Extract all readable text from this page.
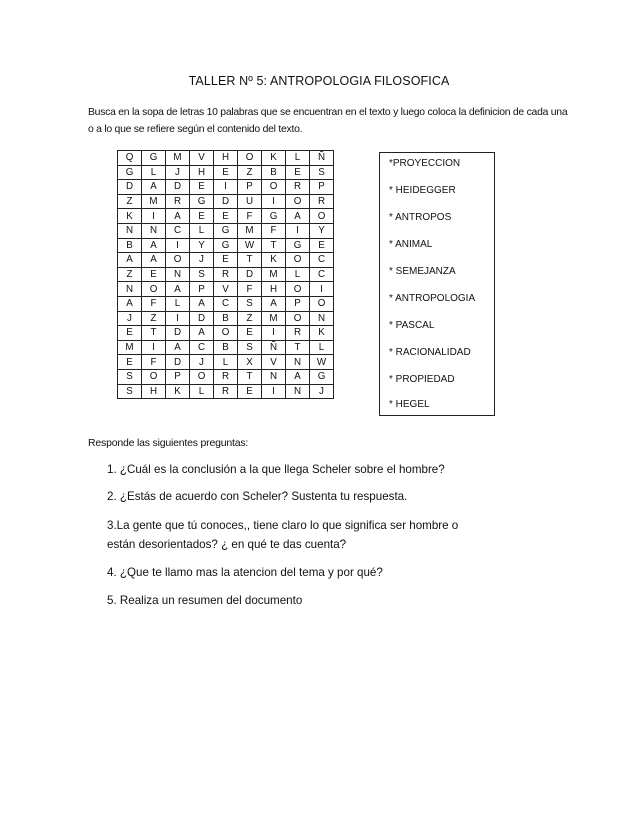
TALLER Nº 5: ANTROPOLOGIA FILOSOFICA
Busca en la sopa de letras 10 palabras que se encuentran en el texto y luego coloca la definicion de cada una o a lo que se refiere según el contenido del texto.
Q	G	M	V	H	O	K	L	Ñ
G	L	J	H	E	Z	B	E	S
D	A	D	E	I	P	O	R	P
Z	M	R	G	D	U	I	O	R
K	I	A	E	E	F	G	A	O
N	N	C	L	G	M	F	I	Y
B	A	I	Y	G	W	T	G	E
A	A	O	J	E	T	K	O	C
Z	E	N	S	R	D	M	L	C
N	O	A	P	V	F	H	O	I
A	F	L	A	C	S	A	P	O
J	Z	I	D	B	Z	M	O	N
E	T	D	A	O	E	I	R	K
M	I	A	C	B	S	Ñ	T	L
E	F	D	J	L	X	V	N	W
S	O	P	O	R	T	N	A	G
S	H	K	L	R	E	I	N	J
*PROYECCION
* HEIDEGGER
* ANTROPOS
* ANIMAL
* SEMEJANZA
* ANTROPOLOGIA
* PASCAL
* RACIONALIDAD
* PROPIEDAD
* HEGEL
Responde las siguientes preguntas:
1. ¿Cuál es la conclusión a la que llega Scheler sobre el hombre?
2. ¿Estás de acuerdo con Scheler? Sustenta tu respuesta.
3.La gente que tú conoces,, tiene claro lo que significa ser hombre o están desorientados? ¿ en qué te das cuenta?
4. ¿Que te llamo mas la atencion del tema y por qué?
5. Realiza un resumen del documento
